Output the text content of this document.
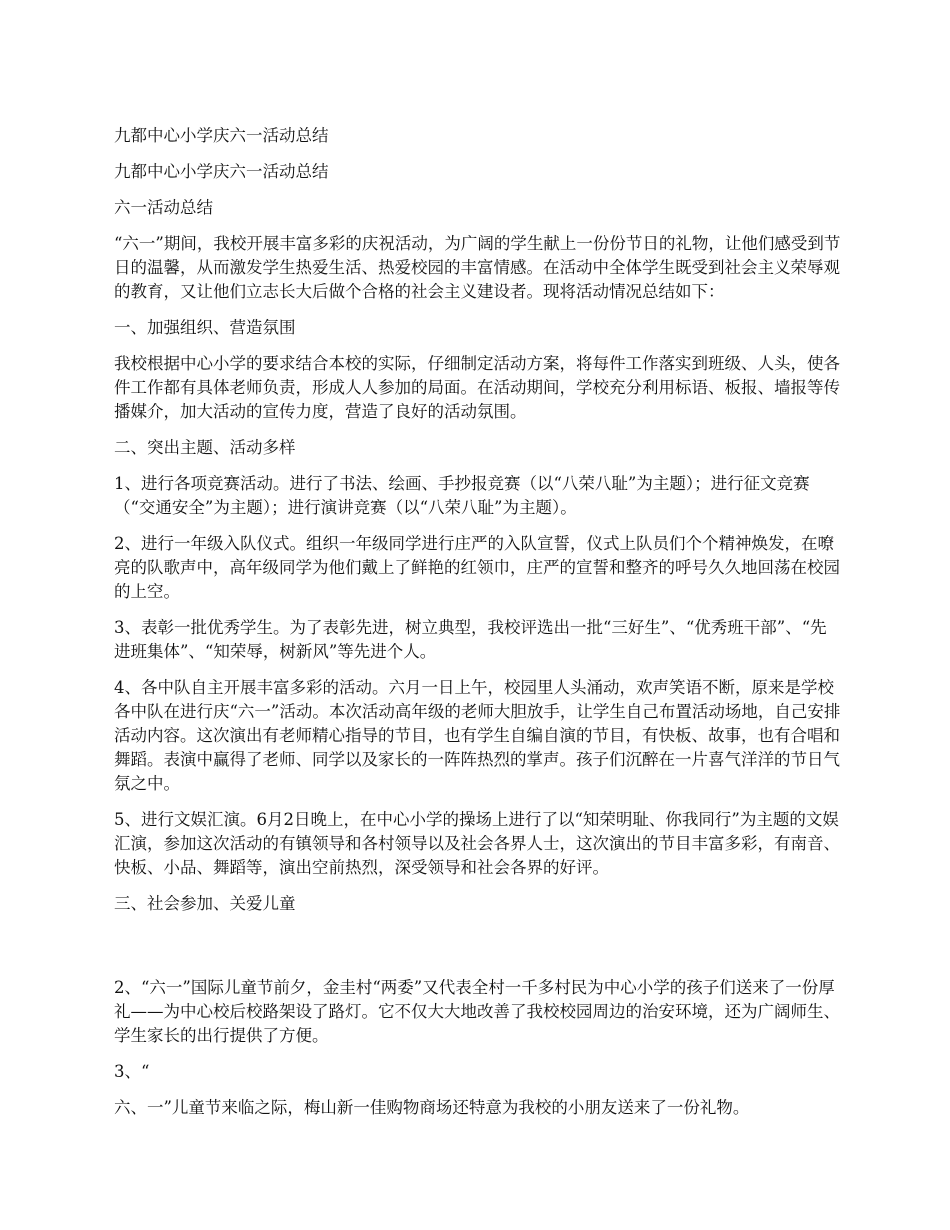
九都中心小学庆六一活动总结

九都中心小学庆六一活动总结

六一活动总结

“六一”期间，我校开展丰富多彩的庆祝活动，为广阔的学生献上一份份节日的礼物，让他们感受到节日的温馨，从而激发学生热爱生活、热爱校园的丰富情感。在活动中全体学生既受到社会主义荣辱观的教育，又让他们立志长大后做个合格的社会主义建设者。现将活动情况总结如下：

一、加强组织、营造氛围

我校根据中心小学的要求结合本校的实际，仔细制定活动方案，将每件工作落实到班级、人头，使各件工作都有具体老师负责，形成人人参加的局面。在活动期间，学校充分利用标语、板报、墙报等传播媒介，加大活动的宣传力度，营造了良好的活动氛围。

二、突出主题、活动多样

1、进行各项竞赛活动。进行了书法、绘画、手抄报竞赛（以“八荣八耻”为主题）；进行征文竞赛（“交通安全”为主题）；进行演讲竞赛（以“八荣八耻”为主题）。

2、进行一年级入队仪式。组织一年级同学进行庄严的入队宣誓，仪式上队员们个个精神焕发，在嘹亮的队歌声中，高年级同学为他们戴上了鲜艳的红领巾，庄严的宣誓和整齐的呼号久久地回荡在校园的上空。

3、表彰一批优秀学生。为了表彰先进，树立典型，我校评选出一批“三好生”、“优秀班干部”、“先进班集体”、“知荣辱，树新风”等先进个人。

4、各中队自主开展丰富多彩的活动。六月一日上午，校园里人头涌动，欢声笑语不断，原来是学校各中队在进行庆“六一”活动。本次活动高年级的老师大胆放手，让学生自己布置活动场地，自己安排活动内容。这次演出有老师精心指导的节目，也有学生自编自演的节目，有快板、故事，也有合唱和舞蹈。表演中赢得了老师、同学以及家长的一阵阵热烈的掌声。孩子们沉醉在一片喜气洋洋的节日气氛之中。

5、进行文娱汇演。6月2日晚上，在中心小学的操场上进行了以“知荣明耻、你我同行”为主题的文娱汇演，参加这次活动的有镇领导和各村领导以及社会各界人士，这次演出的节目丰富多彩，有南音、快板、小品、舞蹈等，演出空前热烈，深受领导和社会各界的好评。

三、社会参加、关爱儿童

2、“六一”国际儿童节前夕，金圭村“两委”又代表全村一千多村民为中心小学的孩子们送来了一份厚礼——为中心校后校路架设了路灯。它不仅大大地改善了我校校园周边的治安环境，还为广阔师生、学生家长的出行提供了方便。

3、“

六、一”儿童节来临之际，梅山新一佳购物商场还特意为我校的小朋友送来了一份礼物。
